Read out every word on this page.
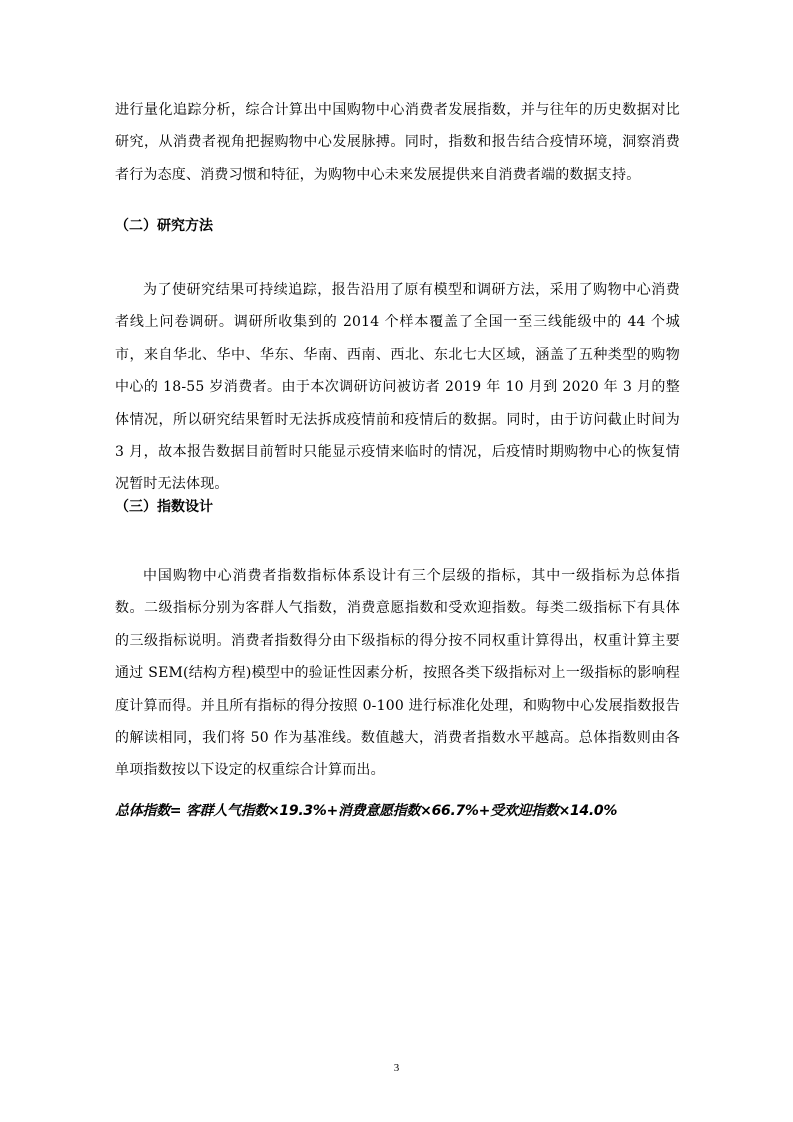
进行量化追踪分析，综合计算出中国购物中心消费者发展指数，并与往年的历史数据对比研究，从消费者视角把握购物中心发展脉搏。同时，指数和报告结合疫情环境，洞察消费者行为态度、消费习惯和特征，为购物中心未来发展提供来自消费者端的数据支持。

（二）研究方法

为了使研究结果可持续追踪，报告沿用了原有模型和调研方法，采用了购物中心消费者线上问卷调研。调研所收集到的 2014 个样本覆盖了全国一至三线能级中的 44 个城市，来自华北、华中、华东、华南、西南、西北、东北七大区域，涵盖了五种类型的购物中心的 18-55 岁消费者。由于本次调研访问被访者 2019 年 10 月到 2020 年 3 月的整体情况，所以研究结果暂时无法拆成疫情前和疫情后的数据。同时，由于访问截止时间为 3 月，故本报告数据目前暂时只能显示疫情来临时的情况，后疫情时期购物中心的恢复情况暂时无法体现。

（三）指数设计

中国购物中心消费者指数指标体系设计有三个层级的指标，其中一级指标为总体指数。二级指标分别为客群人气指数，消费意愿指数和受欢迎指数。每类二级指标下有具体的三级指标说明。消费者指数得分由下级指标的得分按不同权重计算得出，权重计算主要通过 SEM(结构方程)模型中的验证性因素分析，按照各类下级指标对上一级指标的影响程度计算而得。并且所有指标的得分按照 0-100 进行标准化处理，和购物中心发展指数报告的解读相同，我们将 50 作为基准线。数值越大，消费者指数水平越高。总体指数则由各单项指数按以下设定的权重综合计算而出。

总体指数= 客群人气指数×19.3%+消费意愿指数×66.7%+受欢迎指数×14.0%
3
